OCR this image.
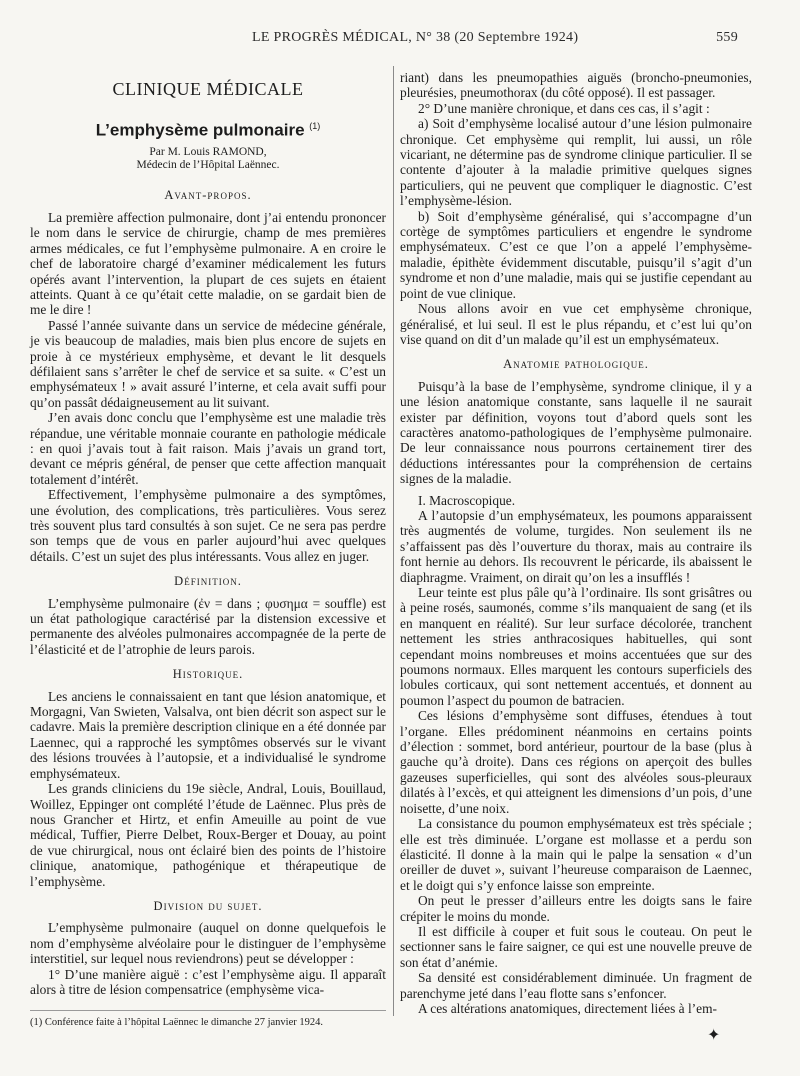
LE PROGRÈS MÉDICAL, N° 38 (20 Septembre 1924)	559

CLINIQUE MÉDICALE

L’emphysème pulmonaire $^{(1)}$

Par M. Louis RAMOND,

Médecin de l’Hôpital Laënnec.

Avant-propos.

La première affection pulmonaire, dont j’ai entendu prononcer le nom dans le service de chirurgie, champ de mes premières armes médicales, ce fut l’emphysème pulmonaire. A en croire le chef de laboratoire chargé d’examiner médicalement les futurs opérés avant l’intervention, la plupart de ces sujets en étaient atteints. Quant à ce qu’était cette maladie, on se gardait bien de me le dire !

Passé l’année suivante dans un service de médecine générale, je vis beaucoup de maladies, mais bien plus encore de sujets en proie à ce mystérieux emphysème, et devant le lit desquels défilaient sans s’arrêter le chef de service et sa suite. « C’est un emphysémateux ! » avait assuré l’interne, et cela avait suffi pour qu’on passât dédaigneusement au lit suivant.

J’en avais donc conclu que l’emphysème est une maladie très répandue, une véritable monnaie courante en pathologie médicale : en quoi j’avais tout à fait raison. Mais j’avais un grand tort, devant ce mépris général, de penser que cette affection manquait totalement d’intérêt.

Effectivement, l’emphysème pulmonaire a des symptômes, une évolution, des complications, très particulières. Vous serez très souvent plus tard consultés à son sujet. Ce ne sera pas perdre son temps que de vous en parler aujourd’hui avec quelques détails. C’est un sujet des plus intéressants. Vous allez en juger.

Définition.

L’emphysème pulmonaire (ἐν = dans ; φυσημα = souffle) est un état pathologique caractérisé par la distension excessive et permanente des alvéoles pulmonaires accompagnée de la perte de l’élasticité et de l’atrophie de leurs parois.

Historique.

Les anciens le connaissaient en tant que lésion anatomique, et Morgagni, Van Swieten, Valsalva, ont bien décrit son aspect sur le cadavre. Mais la première description clinique en a été donnée par Laennec, qui a rapproché les symptômes observés sur le vivant des lésions trouvées à l’autopsie, et a individualisé le syndrome emphysémateux.

Les grands cliniciens du 19e siècle, Andral, Louis, Bouillaud, Woillez, Eppinger ont complété l’étude de Laënnec. Plus près de nous Grancher et Hirtz, et enfin Ameuille au point de vue médical, Tuffier, Pierre Delbet, Roux-Berger et Douay, au point de vue chirurgical, nous ont éclairé bien des points de l’histoire clinique, anatomique, pathogénique et thérapeutique de l’emphysème.

Division du sujet.

L’emphysème pulmonaire (auquel on donne quelquefois le nom d’emphysème alvéolaire pour le distinguer de l’emphysème interstitiel, sur lequel nous reviendrons) peut se développer :

1° D’une manière aiguë : c’est l’emphysème aigu. Il apparaît alors à titre de lésion compensatrice (emphysème vica-

riant) dans les pneumopathies aiguës (broncho-pneumonies, pleurésies, pneumothorax (du côté opposé). Il est passager.

2° D’une manière chronique, et dans ces cas, il s’agit :

a) Soit d’emphysème localisé autour d’une lésion pulmonaire chronique. Cet emphysème qui remplit, lui aussi, un rôle vicariant, ne détermine pas de syndrome clinique particulier. Il se contente d’ajouter à la maladie primitive quelques signes particuliers, qui ne peuvent que compliquer le diagnostic. C’est l’emphysème-lésion.

b) Soit d’emphysème généralisé, qui s’accompagne d’un cortège de symptômes particuliers et engendre le syndrome emphysémateux. C’est ce que l’on a appelé l’emphysème-maladie, épithète évidemment discutable, puisqu’il s’agit d’un syndrome et non d’une maladie, mais qui se justifie cependant au point de vue clinique.

Nous allons avoir en vue cet emphysème chronique, généralisé, et lui seul. Il est le plus répandu, et c’est lui qu’on vise quand on dit d’un malade qu’il est un emphysémateux.

Anatomie pathologique.

Puisqu’à la base de l’emphysème, syndrome clinique, il y a une lésion anatomique constante, sans laquelle il ne saurait exister par définition, voyons tout d’abord quels sont les caractères anatomo-pathologiques de l’emphysème pulmonaire. De leur connaissance nous pourrons certainement tirer des déductions intéressantes pour la compréhension de certains signes de la maladie.

I. Macroscopique.

A l’autopsie d’un emphysémateux, les poumons apparaissent très augmentés de volume, turgides. Non seulement ils ne s’affaissent pas dès l’ouverture du thorax, mais au contraire ils font hernie au dehors. Ils recouvrent le péricarde, ils abaissent le diaphragme. Vraiment, on dirait qu’on les a insufflés !

Leur teinte est plus pâle qu’à l’ordinaire. Ils sont grisâtres ou à peine rosés, saumonés, comme s’ils manquaient de sang (et ils en manquent en réalité). Sur leur surface décolorée, tranchent nettement les stries anthracosiques habituelles, qui sont cependant moins nombreuses et moins accentuées que sur des poumons normaux. Elles marquent les contours superficiels des lobules corticaux, qui sont nettement accentués, et donnent au poumon l’aspect du poumon de batracien.

Ces lésions d’emphysème sont diffuses, étendues à tout l’organe. Elles prédominent néanmoins en certains points d’élection : sommet, bord antérieur, pourtour de la base (plus à gauche qu’à droite). Dans ces régions on aperçoit des bulles gazeuses superficielles, qui sont des alvéoles sous-pleuraux dilatés à l’excès, et qui atteignent les dimensions d’un pois, d’une noisette, d’une noix.

La consistance du poumon emphysémateux est très spéciale ; elle est très diminuée. L’organe est mollasse et a perdu son élasticité. Il donne à la main qui le palpe la sensation « d’un oreiller de duvet », suivant l’heureuse comparaison de Laennec, et le doigt qui s’y enfonce laisse son empreinte.

On peut le presser d’ailleurs entre les doigts sans le faire crépiter le moins du monde.

Il est difficile à couper et fuit sous le couteau. On peut le sectionner sans le faire saigner, ce qui est une nouvelle preuve de son état d’anémie.

Sa densité est considérablement diminuée. Un fragment de parenchyme jeté dans l’eau flotte sans s’enfoncer.

A ces altérations anatomiques, directement liées à l’em-

(1) Conférence faite à l’hôpital Laënnec le dimanche 27 janvier 1924.

✦
